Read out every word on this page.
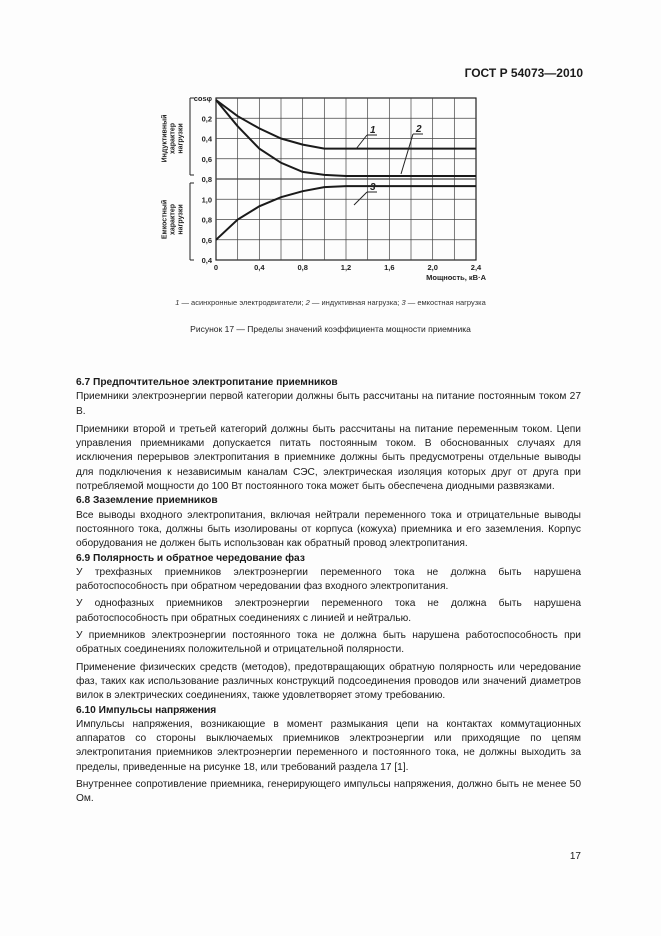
ГОСТ Р 54073—2010
cosφ
0,2
0,4
0,6
0,8
1,0
0,8
0,6
0,4
Индуктивный характер нагрузки
Емкостный характер нагрузки
0	0,4	0,8	1,2	1,6	2,0	2,4
Мощность, кВ·А
1	2
3
1 — асинхронные электродвигатели; 2 — индуктивная нагрузка; 3 — емкостная нагрузка
Рисунок 17 — Пределы значений коэффициента мощности приемника
6.7 Предпочтительное электропитание приемников

Приемники электроэнергии первой категории должны быть рассчитаны на питание постоянным током 27 В.

Приемники второй и третьей категорий должны быть рассчитаны на питание переменным током. Цепи управления приемниками допускается питать постоянным током. В обоснованных случаях для исключения перерывов электропитания в приемнике должны быть предусмотрены отдельные выводы для подключения к независимым каналам СЭС, электрическая изоляция которых друг от друга при потребляемой мощности до 100 Вт постоянного тока может быть обеспечена диодными развязками.

6.8 Заземление приемников

Все выводы входного электропитания, включая нейтрали переменного тока и отрицательные выводы постоянного тока, должны быть изолированы от корпуса (кожуха) приемника и его заземления. Корпус оборудования не должен быть использован как обратный провод электропитания.

6.9 Полярность и обратное чередование фаз

У трехфазных приемников электроэнергии переменного тока не должна быть нарушена работоспособность при обратном чередовании фаз входного электропитания.

У однофазных приемников электроэнергии переменного тока не должна быть нарушена работоспособность при обратных соединениях с линией и нейтралью.

У приемников электроэнергии постоянного тока не должна быть нарушена работоспособность при обратных соединениях положительной и отрицательной полярности.

Применение физических средств (методов), предотвращающих обратную полярность или чередование фаз, таких как использование различных конструкций подсоединения проводов или значений диаметров вилок в электрических соединениях, также удовлетворяет этому требованию.

6.10 Импульсы напряжения

Импульсы напряжения, возникающие в момент размыкания цепи на контактах коммутационных аппаратов со стороны выключаемых приемников электроэнергии или приходящие по цепям электропитания приемников электроэнергии переменного и постоянного тока, не должны выходить за пределы, приведенные на рисунке 18, или требований раздела 17 [1].

Внутреннее сопротивление приемника, генерирующего импульсы напряжения, должно быть не менее 50 Ом.

17
